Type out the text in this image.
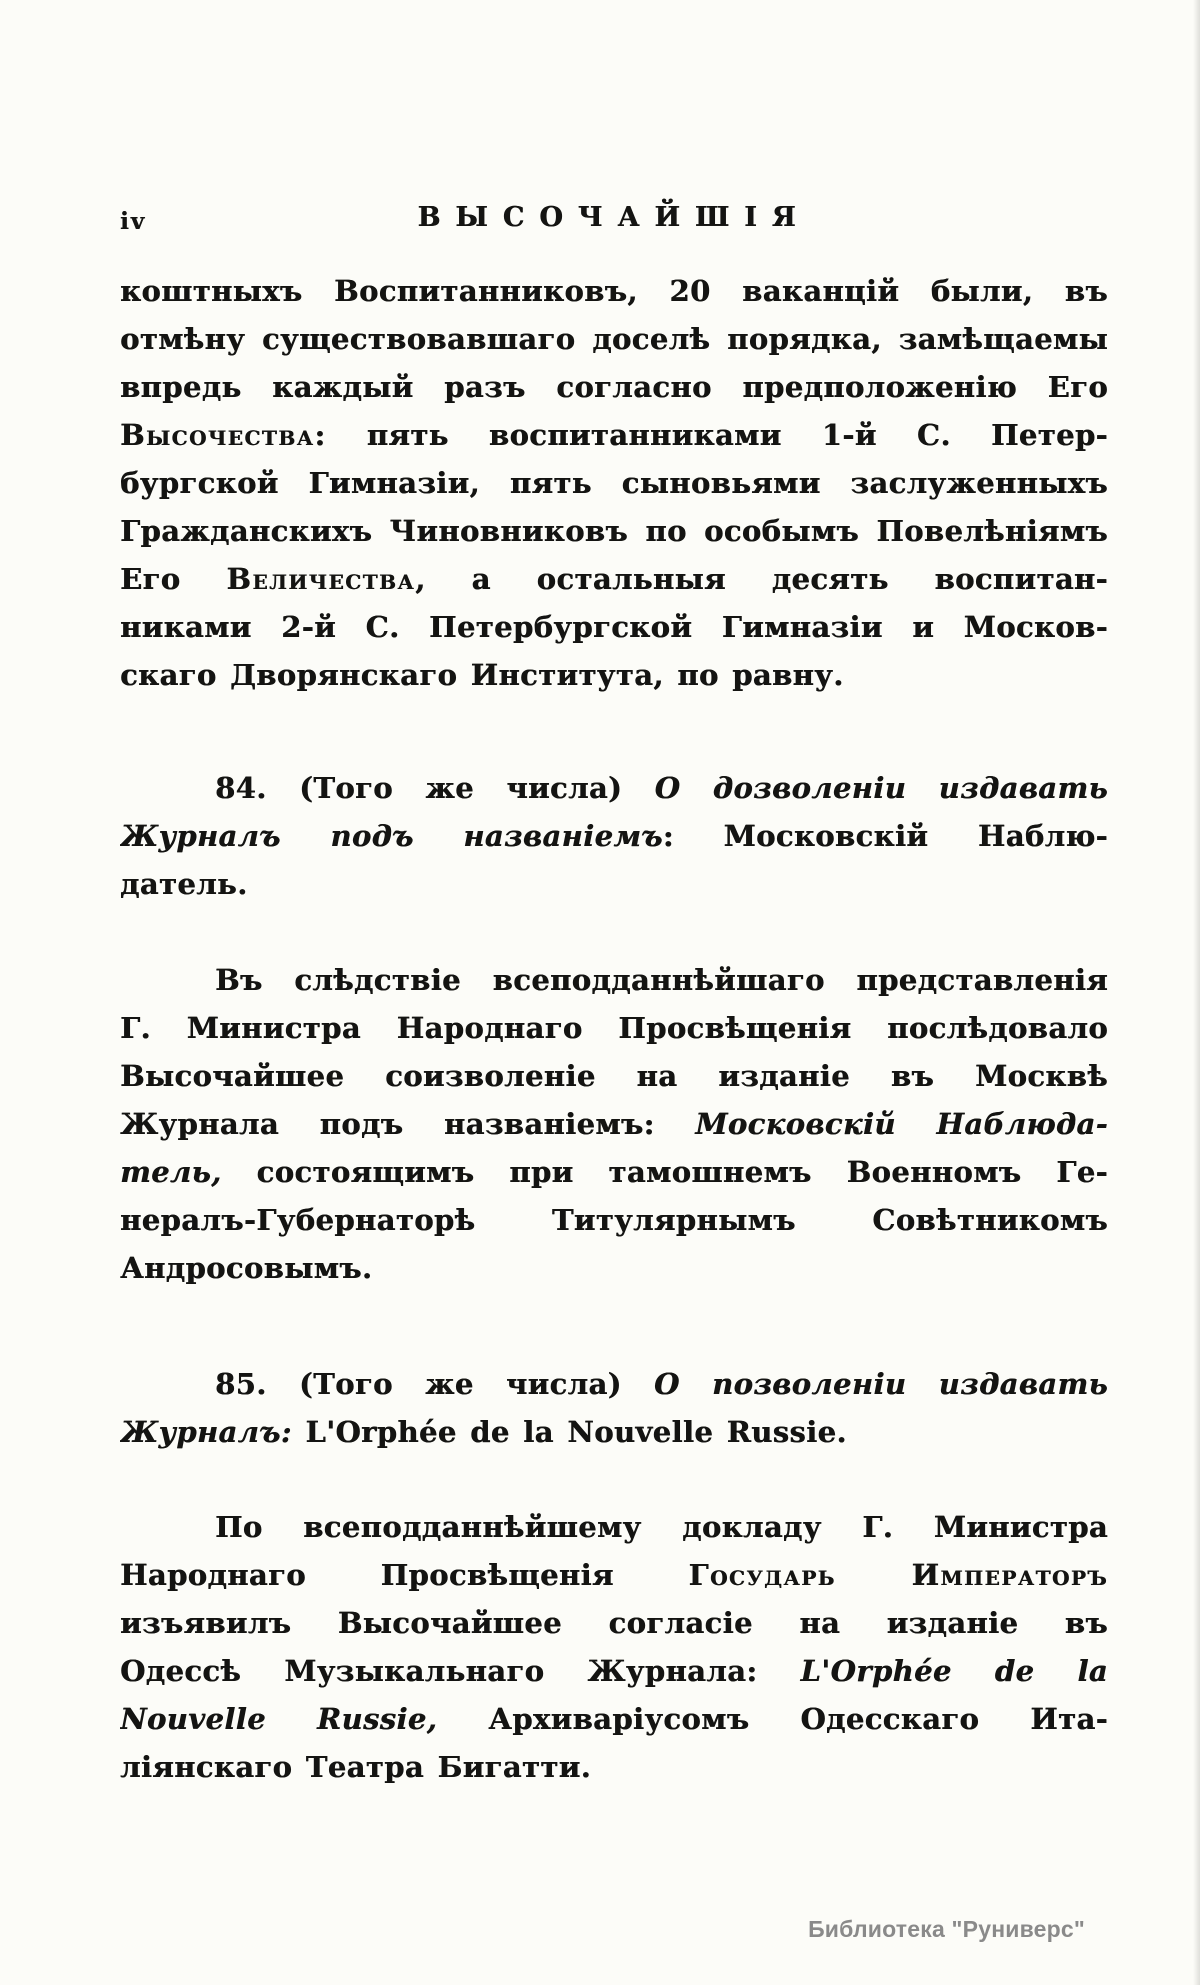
iv	ВЫСОЧАЙШІЯ
коштныхъ Воспитанниковъ, 20 ваканцій были, въ
отмѣну существовавшаго доселѣ порядка, замѣщаемы
впредь каждый разъ согласно предположенію Его
Высочества: пять воспитанниками 1-й С. Петер-
бургской Гимназіи, пять сыновьями заслуженныхъ
Гражданскихъ Чиновниковъ по особымъ Повелѣніямъ
Его Величества, а остальныя десять воспитан-
никами 2-й С. Петербургской Гимназіи и Москов-
скаго Дворянскаго Института, по равну.
84. (Того же числа) О дозволеніи издавать
Журналъ подъ названіемъ: Московскій Наблю-
датель.
Въ слѣдствіе всеподданнѣйшаго представленія
Г. Министра Народнаго Просвѣщенія послѣдовало
Высочайшее соизволеніе на изданіе въ Москвѣ
Журнала подъ названіемъ: Московскій Наблюда-
тель, состоящимъ при тамошнемъ Военномъ Ге-
нералъ-Губернаторѣ Титулярнымъ Совѣтникомъ
Андросовымъ.
85. (Того же числа) О позволеніи издавать
Журналъ: L'Orphée de la Nouvelle Russie.
По всеподданнѣйшему докладу Г. Министра
Народнаго Просвѣщенія Государь Императоръ
изъявилъ Высочайшее согласіе на изданіе въ
Одессѣ Музыкальнаго Журнала: L'Orphée de la
Nouvelle Russie, Архиваріусомъ Одесскаго Ита-
ліянскаго Театра Бигатти.
Библиотека "Руниверс"
